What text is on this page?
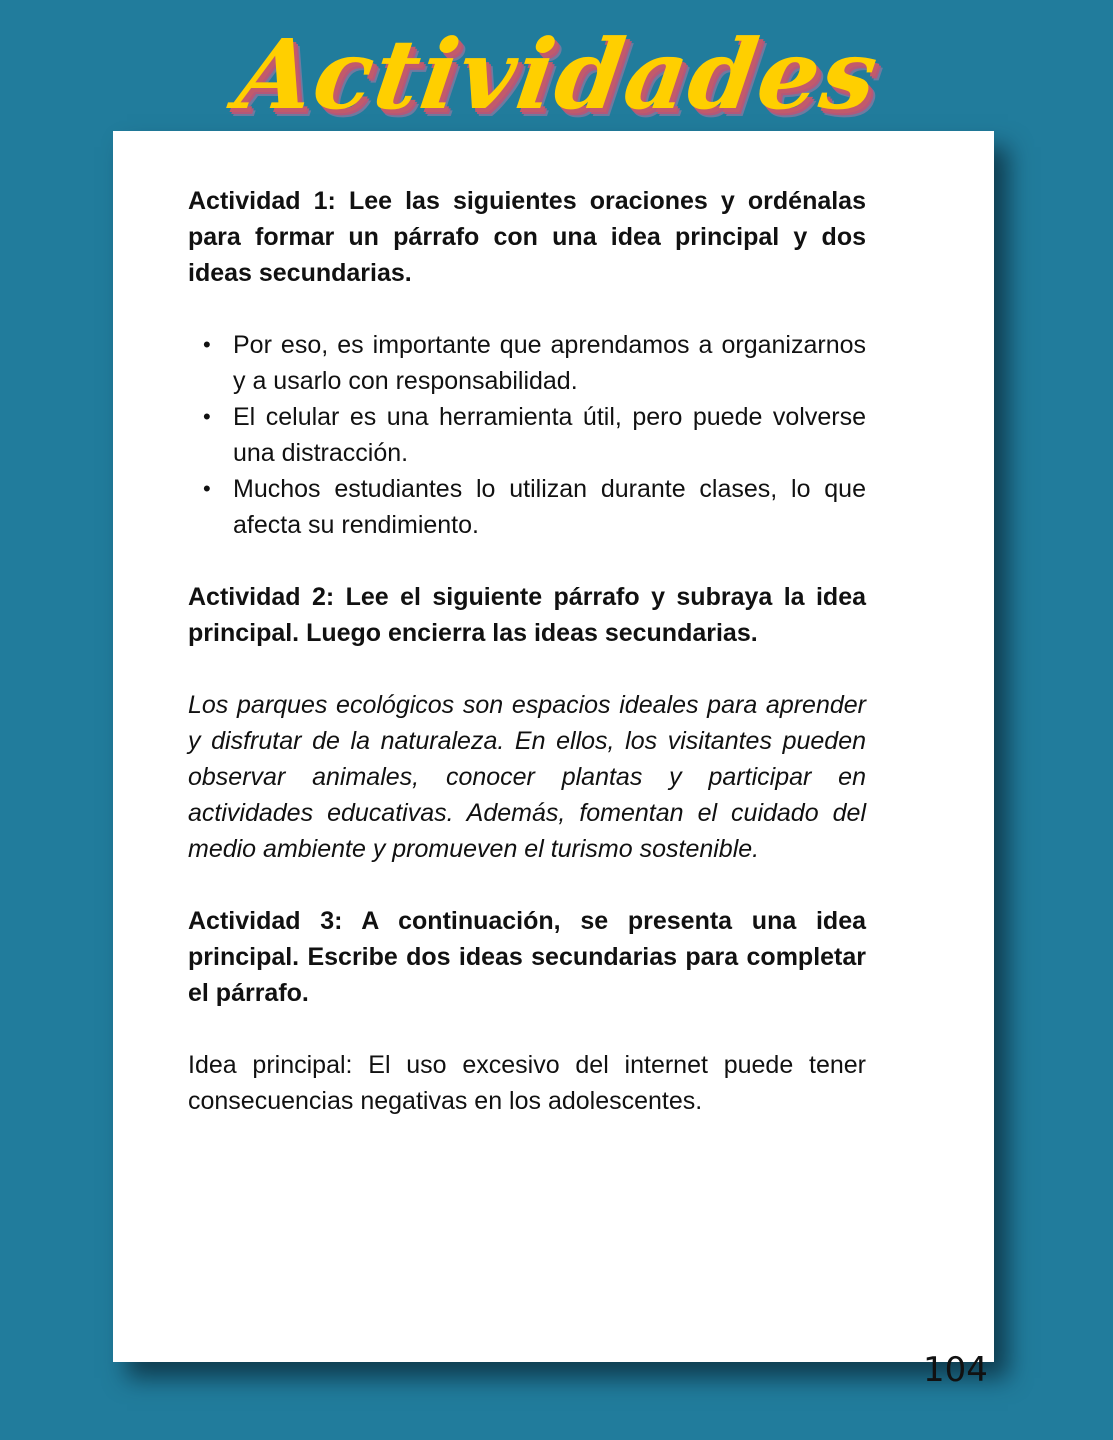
Actividades

Actividad 1: Lee las siguientes oraciones y ordénalas para formar un párrafo con una idea principal y dos ideas secundarias.

• Por eso, es importante que aprendamos a organizarnos y a usarlo con responsabilidad.
• El celular es una herramienta útil, pero puede volverse una distracción.
• Muchos estudiantes lo utilizan durante clases, lo que afecta su rendimiento.

Actividad 2: Lee el siguiente párrafo y subraya la idea principal. Luego encierra las ideas secundarias.

Los parques ecológicos son espacios ideales para aprender y disfrutar de la naturaleza. En ellos, los visitantes pueden observar animales, conocer plantas y participar en actividades educativas. Además, fomentan el cuidado del medio ambiente y promueven el turismo sostenible.

Actividad 3: A continuación, se presenta una idea principal. Escribe dos ideas secundarias para completar el párrafo.

Idea principal: El uso excesivo del internet puede tener consecuencias negativas en los adolescentes.

104
